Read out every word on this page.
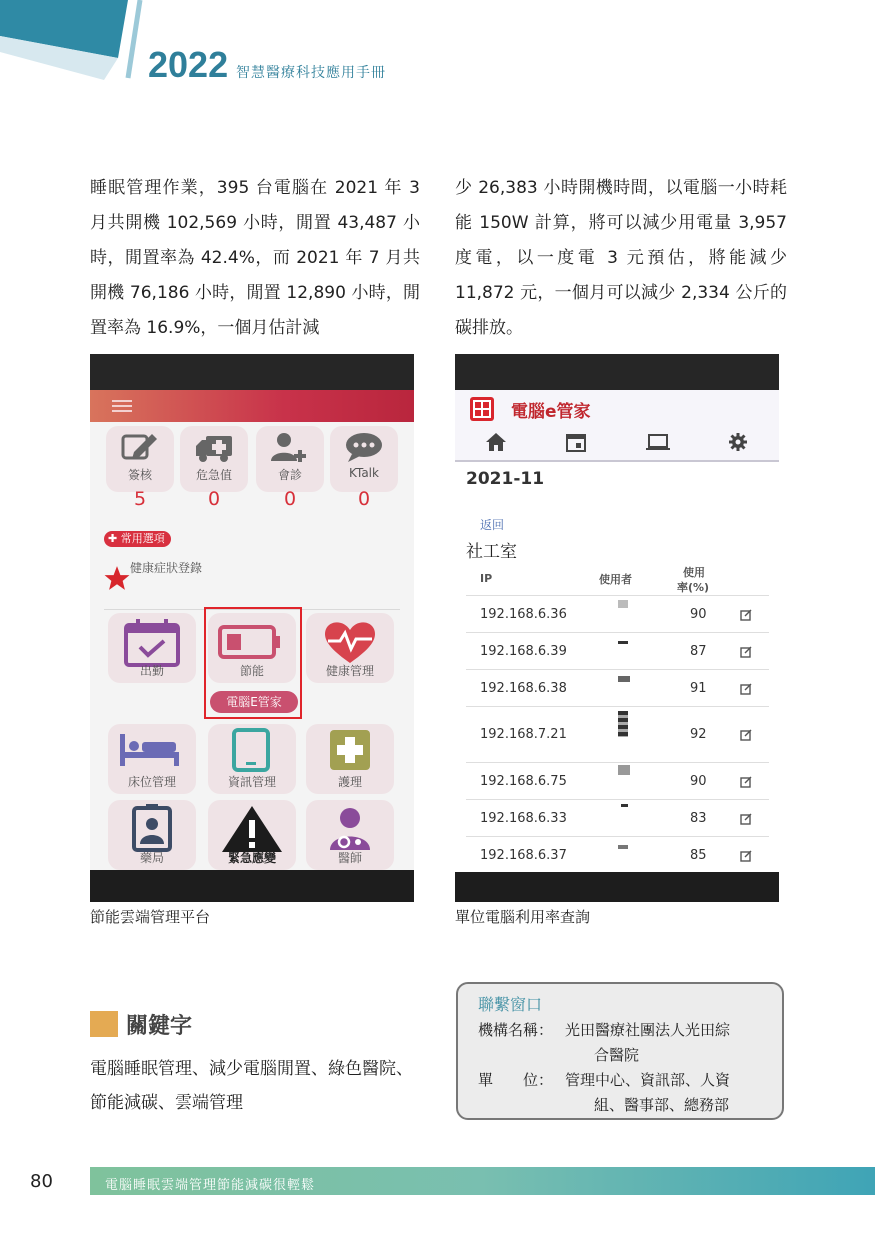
2022 智慧醫療科技應用手冊
睡眠管理作業，395 台電腦在 2021 年 3 月共開機 102,569 小時，閒置 43,487 小時，閒置率為 42.4%，而 2021 年 7 月共開機 76,186 小時，閒置 12,890 小時，閒置率為 16.9%，一個月估計減
少 26,383 小時開機時間，以電腦一小時耗能 150W 計算，將可以減少用電量 3,957 度電，以一度電 3 元預估，將能減少 11,872 元，一個月可以減少 2,334 公斤的碳排放。
簽核	危急值	會診	KTalk
5	0	0	0
✚ 常用選項
健康症狀登錄
出勤	節能	健康管理
電腦E管家
床位管理	資訊管理	護理
藥局	緊急應變	醫師
節能雲端管理平台
電腦e管家
2021-11
返回
社工室
IP	使用者
使用
率(%)
192.168.6.36	90
192.168.6.39	87
192.168.6.38	91
192.168.7.21	92
192.168.6.75	90
192.168.6.33	83
192.168.6.37	85
單位電腦利用率查詢
關鍵字
電腦睡眠管理、減少電腦閒置、綠色醫院、節能減碳、雲端管理
聯繫窗口
機構名稱： 光田醫療社團法人光田綜
合醫院
單　　位： 管理中心、資訊部、人資
組、醫事部、總務部
80	電腦睡眠雲端管理節能減碳很輕鬆
